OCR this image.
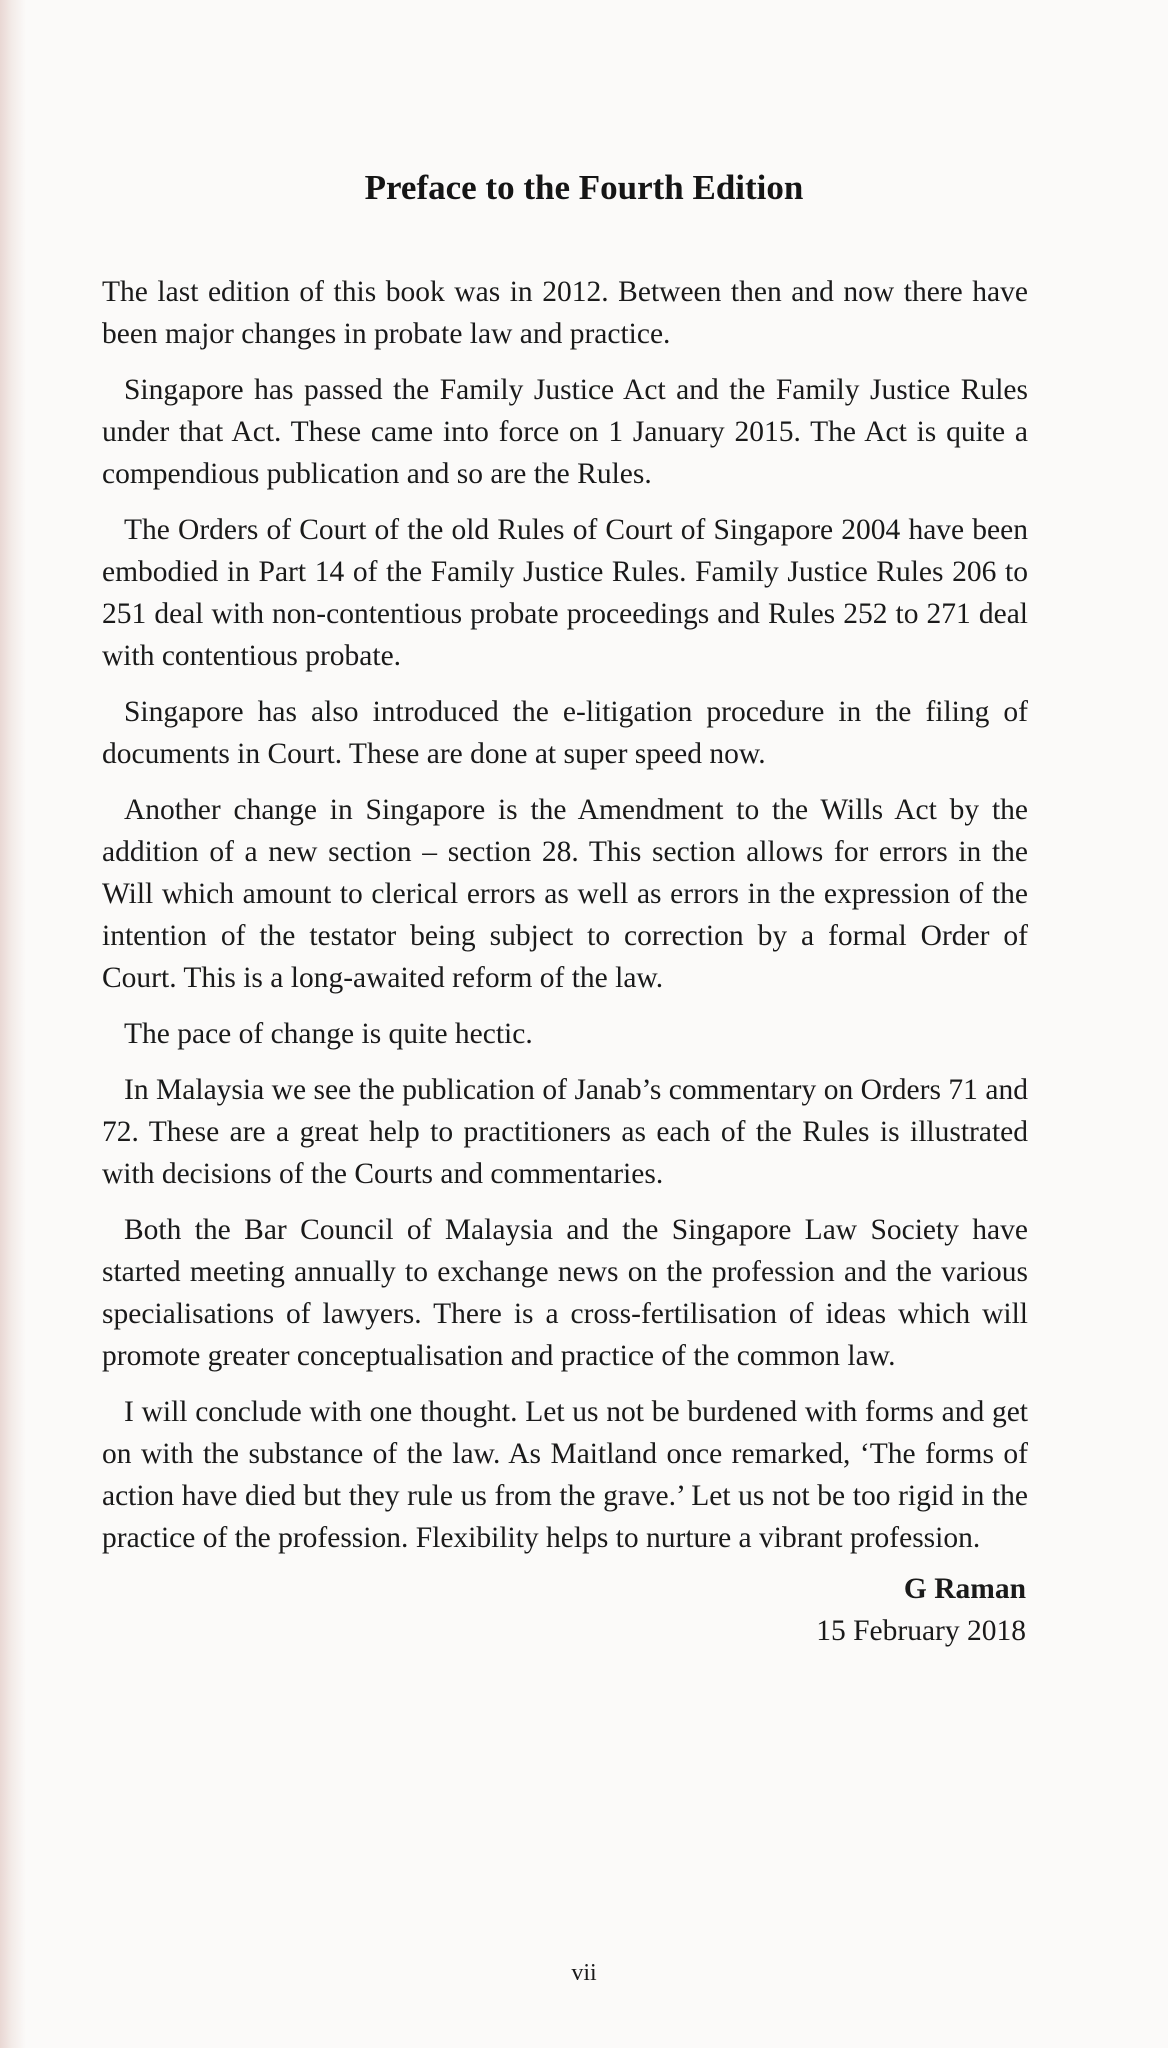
Preface to the Fourth Edition

The last edition of this book was in 2012. Between then and now there have been major changes in probate law and practice.

Singapore has passed the Family Justice Act and the Family Justice Rules under that Act. These came into force on 1 January 2015. The Act is quite a compendious publication and so are the Rules.

The Orders of Court of the old Rules of Court of Singapore 2004 have been embodied in Part 14 of the Family Justice Rules. Family Justice Rules 206 to 251 deal with non-contentious probate proceedings and Rules 252 to 271 deal with contentious probate.

Singapore has also introduced the e-litigation procedure in the filing of documents in Court. These are done at super speed now.

Another change in Singapore is the Amendment to the Wills Act by the addition of a new section – section 28. This section allows for errors in the Will which amount to clerical errors as well as errors in the expression of the intention of the testator being subject to correction by a formal Order of Court. This is a long-awaited reform of the law.

The pace of change is quite hectic.

In Malaysia we see the publication of Janab’s commentary on Orders 71 and 72. These are a great help to practitioners as each of the Rules is illustrated with decisions of the Courts and commentaries.

Both the Bar Council of Malaysia and the Singapore Law Society have started meeting annually to exchange news on the profession and the various specialisations of lawyers. There is a cross-fertilisation of ideas which will promote greater conceptualisation and practice of the common law.

I will conclude with one thought. Let us not be burdened with forms and get on with the substance of the law. As Maitland once remarked, ‘The forms of action have died but they rule us from the grave.’ Let us not be too rigid in the practice of the profession. Flexibility helps to nurture a vibrant profession.

G Raman
15 February 2018
vii
